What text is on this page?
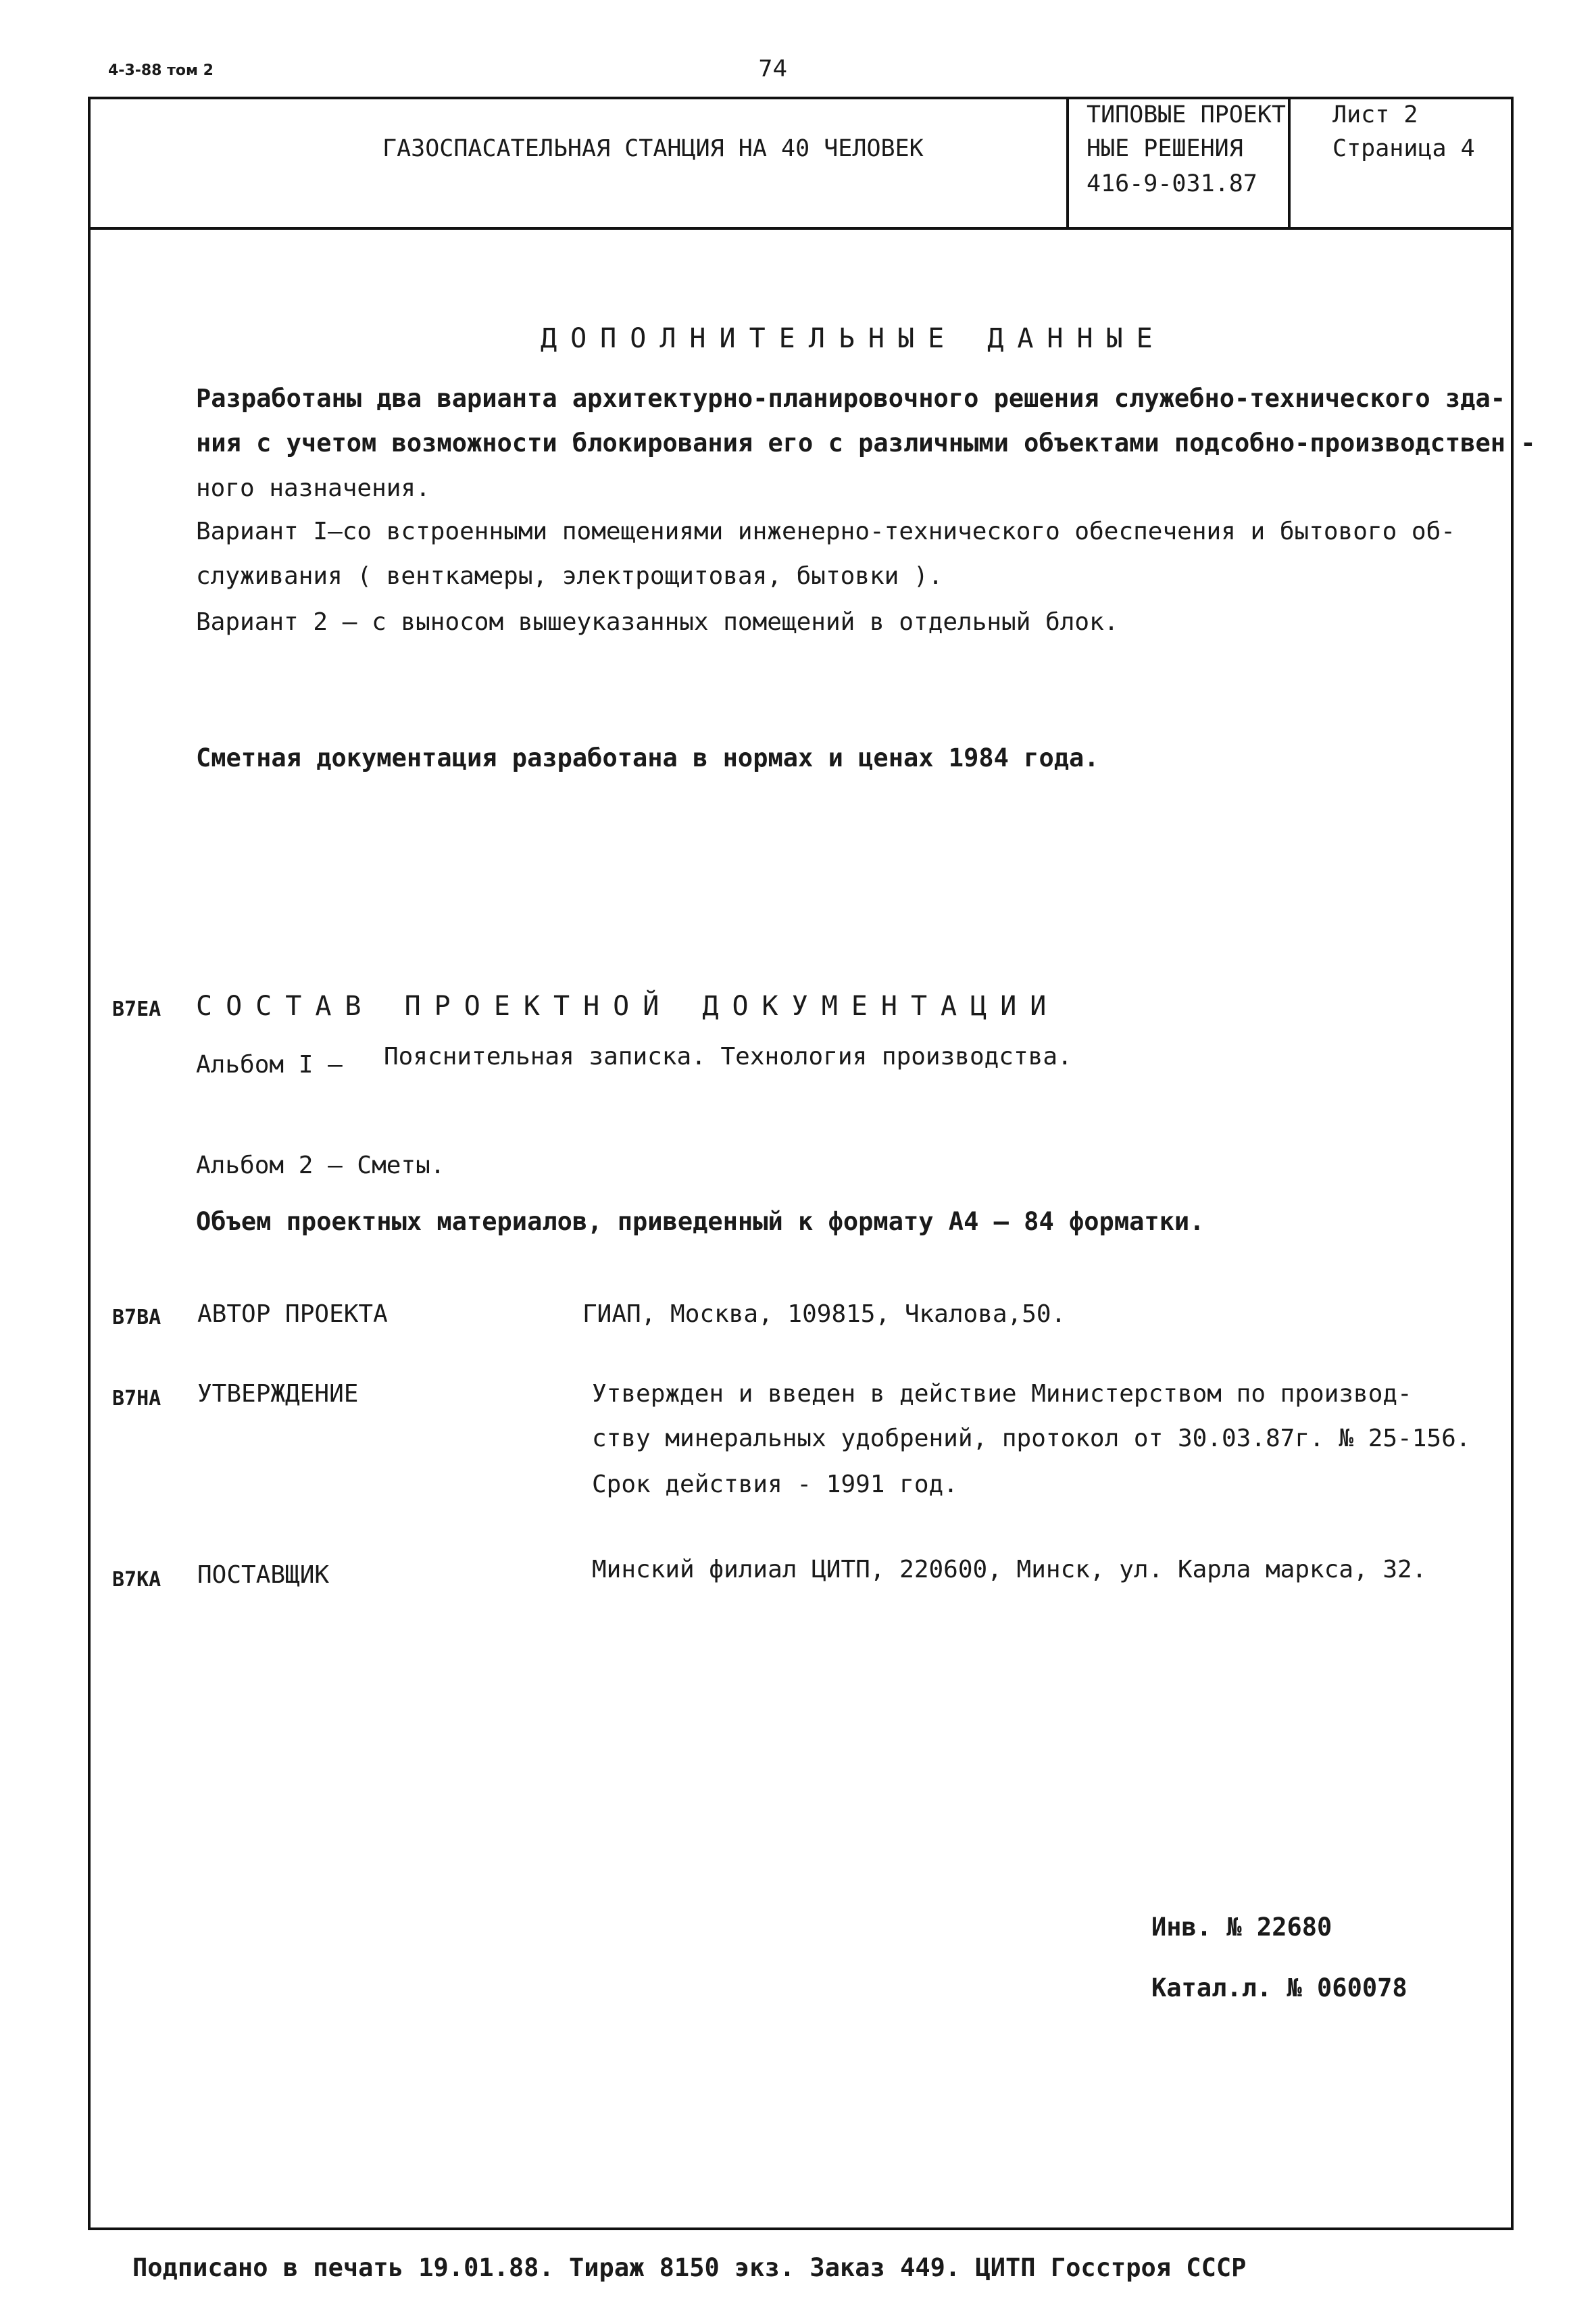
4-3-88 том 2	74
ГАЗОСПАСАТЕЛЬНАЯ СТАНЦИЯ НА 40 ЧЕЛОВЕК
ТИПОВЫЕ ПРОЕКТ
НЫЕ РЕШЕНИЯ
416-9-031.87
Лист 2
Страница 4
ДОПОЛНИТЕЛЬНЫЕ ДАННЫЕ
Разработаны два варианта архитектурно-планировочного решения служебно-технического зда-
ния с учетом возможности блокирования его с различными объектами подсобно-производствен -
ного назначения.
Вариант I—со встроенными помещениями инженерно-технического обеспечения и бытового об-
служивания ( венткамеры, электрощитовая, бытовки ).
Вариант 2 – с выносом вышеуказанных помещений в отдельный блок.
Сметная документация разработана в нормах и ценах 1984 года.
В7ЕА СОСТАВ ПРОЕКТНОЙ ДОКУМЕНТАЦИИ
Альбом I — Пояснительная записка. Технология производства.
Альбом 2 — Сметы.
Объем проектных материалов, приведенный к формату А4 – 84 форматки.
В7ВА АВТОР ПРОЕКТА	ГИАП, Москва, 109815, Чкалова,50.
В7НА УТВЕРЖДЕНИЕ	Утвержден и введен в действие Министерством по производ-
ству минеральных удобрений, протокол от 30.03.87г. № 25-156.
Срок действия - 1991 год.
В7КА ПОСТАВЩИК	Минский филиал ЦИТП, 220600, Минск, ул. Карла маркса, 32.
Инв. № 22680
Катал.л. № 060078
Подписано в печать 19.01.88. Тираж 8150 экз. Заказ 449. ЦИТП Госстроя СССР
